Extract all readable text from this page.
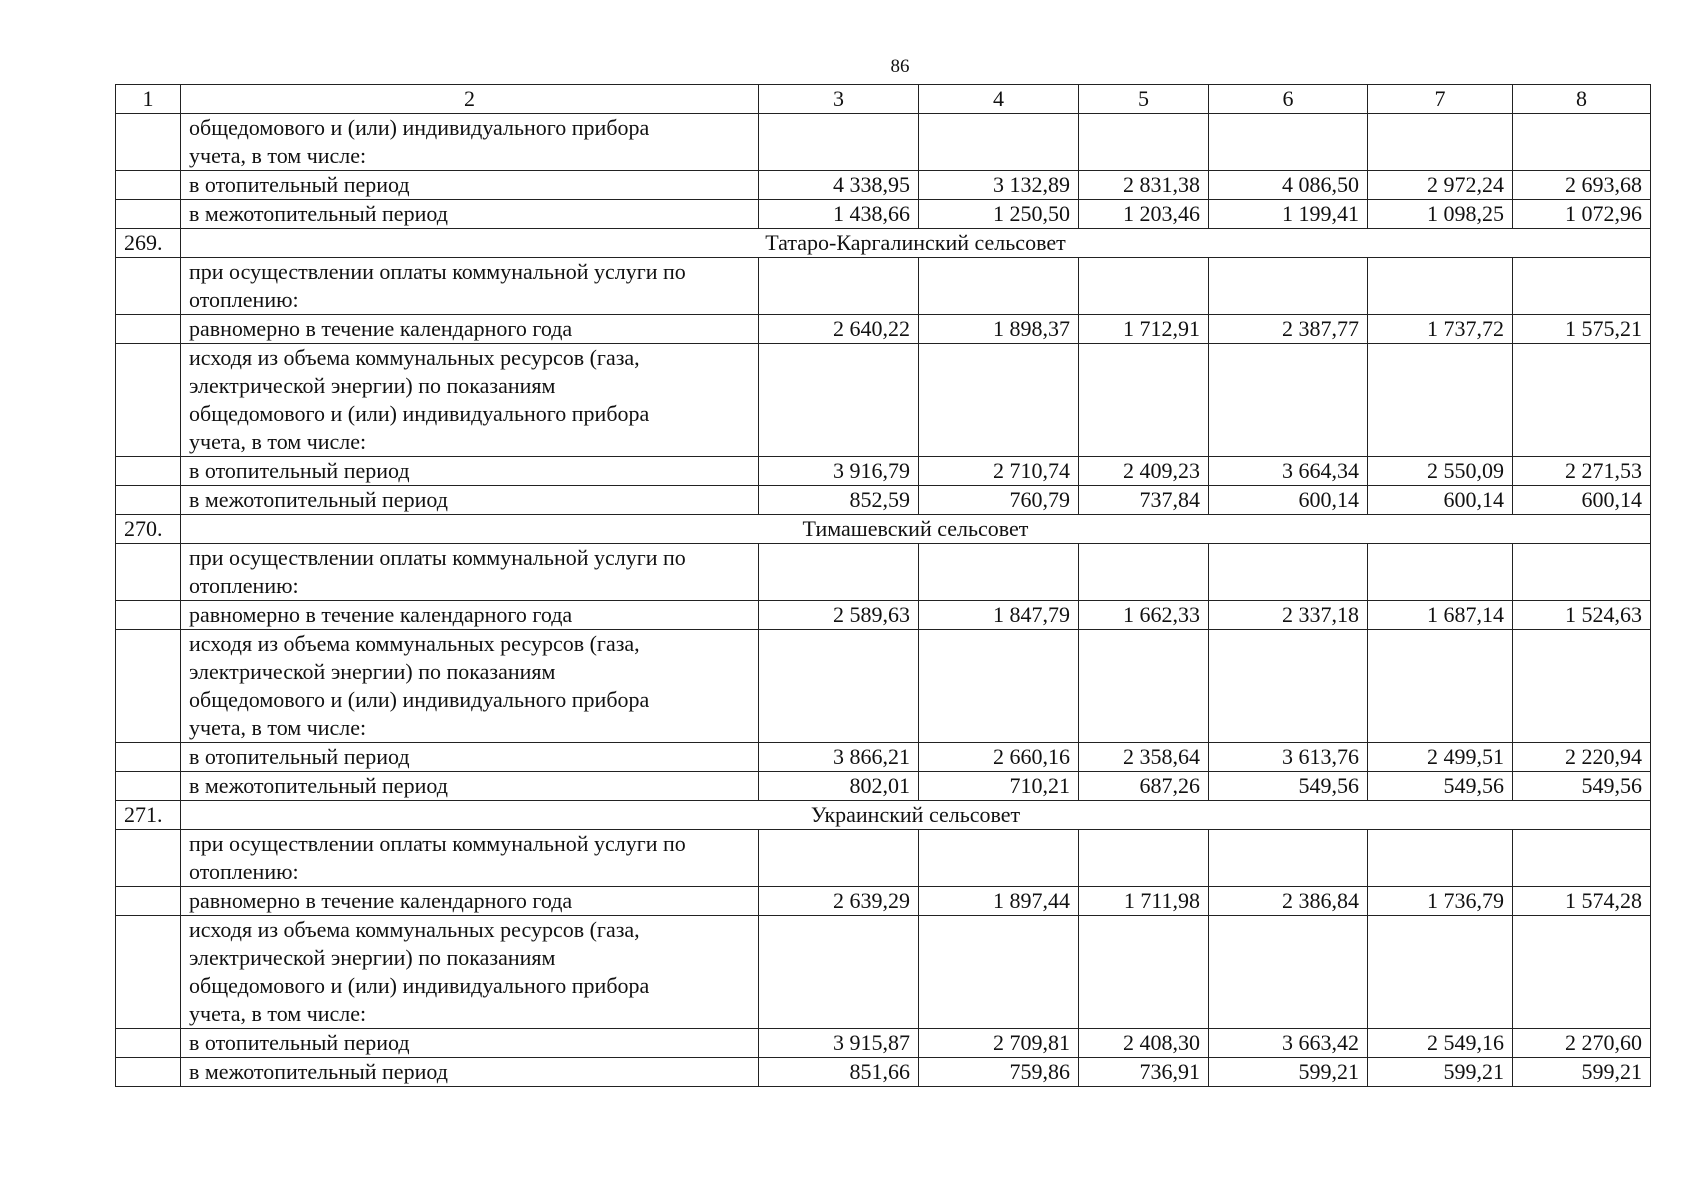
86
1	2	3	4	5	6	7	8

	общедомового и (или) индивидуального прибора
учета, в том числе:						

	в отопительный период	4 338,95	3 132,89	2 831,38	4 086,50	2 972,24	2 693,68
	в межотопительный период	1 438,66	1 250,50	1 203,46	1 199,41	1 098,25	1 072,96
269.	Татаро-Каргалинский сельсовет						

	при осуществлении оплаты коммунальной услуги по
отоплению:						

	равномерно в течение календарного года	2 640,22	1 898,37	1 712,91	2 387,77	1 737,72	1 575,21

	исходя из объема коммунальных ресурсов (газа,
электрической энергии) по показаниям
общедомового и (или) индивидуального прибора
учета, в том числе:						

	в отопительный период	3 916,79	2 710,74	2 409,23	3 664,34	2 550,09	2 271,53
	в межотопительный период	852,59	760,79	737,84	600,14	600,14	600,14
270.	Тимашевский сельсовет						

	при осуществлении оплаты коммунальной услуги по
отоплению:						

	равномерно в течение календарного года	2 589,63	1 847,79	1 662,33	2 337,18	1 687,14	1 524,63

	исходя из объема коммунальных ресурсов (газа,
электрической энергии) по показаниям
общедомового и (или) индивидуального прибора
учета, в том числе:						

	в отопительный период	3 866,21	2 660,16	2 358,64	3 613,76	2 499,51	2 220,94
	в межотопительный период	802,01	710,21	687,26	549,56	549,56	549,56
271.	Украинский сельсовет						

	при осуществлении оплаты коммунальной услуги по
отоплению:						

	равномерно в течение календарного года	2 639,29	1 897,44	1 711,98	2 386,84	1 736,79	1 574,28

	исходя из объема коммунальных ресурсов (газа,
электрической энергии) по показаниям
общедомового и (или) индивидуального прибора
учета, в том числе:						

	в отопительный период	3 915,87	2 709,81	2 408,30	3 663,42	2 549,16	2 270,60
	в межотопительный период	851,66	759,86	736,91	599,21	599,21	599,21
